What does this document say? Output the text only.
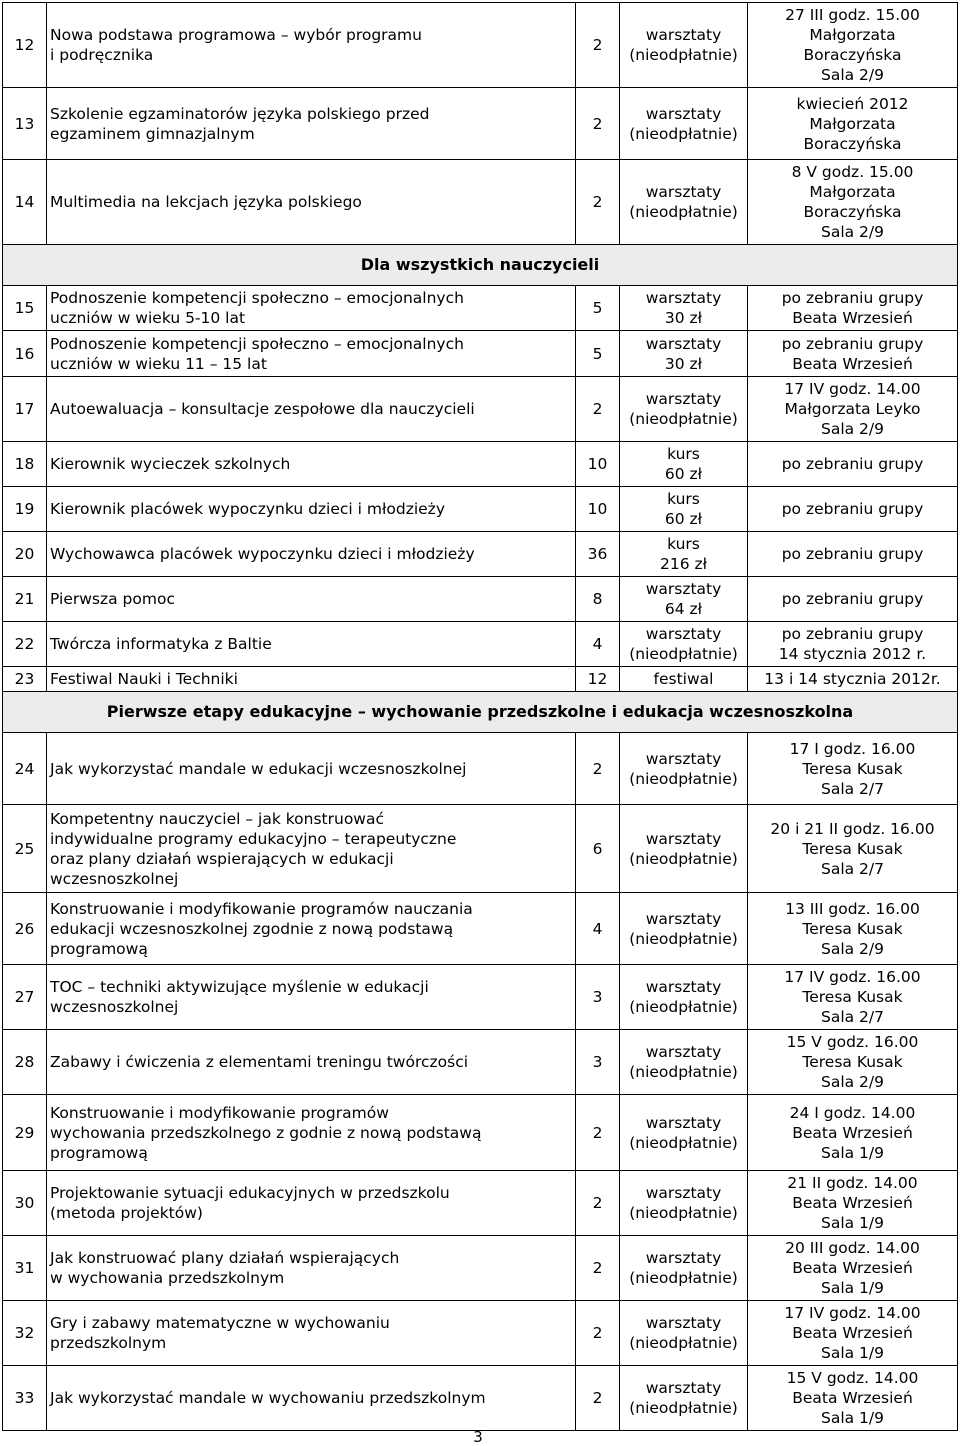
12	Nowa podstawa programowa – wybór programu
i podręcznika	2	warsztaty
(nieodpłatnie)	27 III godz. 15.00
Małgorzata
Boraczyńska
Sala 2/9

13	Szkolenie egzaminatorów języka polskiego przed
egzaminem gimnazjalnym	2	warsztaty
(nieodpłatnie)	kwiecień 2012
Małgorzata
Boraczyńska

14	Multimedia na lekcjach języka polskiego	2	warsztaty
(nieodpłatnie)	8 V godz. 15.00
Małgorzata
Boraczyńska
Sala 2/9

Dla wszystkich nauczycieli				
15	Podnoszenie kompetencji społeczno – emocjonalnych
uczniów w wieku 5-10 lat	5	warsztaty
30 zł	po zebraniu grupy
Beata Wrzesień

16	Podnoszenie kompetencji społeczno – emocjonalnych
uczniów w wieku 11 – 15 lat	5	warsztaty
30 zł	po zebraniu grupy
Beata Wrzesień

17	Autoewaluacja – konsultacje zespołowe dla nauczycieli	2	warsztaty
(nieodpłatnie)	17 IV godz. 14.00
Małgorzata Leyko
Sala 2/9

18	Kierownik wycieczek szkolnych	10	kurs
60 zł	po zebraniu grupy

19	Kierownik placówek wypoczynku dzieci i młodzieży	10	kurs
60 zł	po zebraniu grupy

20	Wychowawca placówek wypoczynku dzieci i młodzieży	36	kurs
216 zł	po zebraniu grupy

21	Pierwsza pomoc	8	warsztaty
64 zł	po zebraniu grupy

22	Twórcza informatyka z Baltie	4	warsztaty
(nieodpłatnie)	po zebraniu grupy
14 stycznia 2012 r.

23	Festiwal Nauki i Techniki	12	festiwal	13 i 14 stycznia 2012r.

Pierwsze etapy edukacyjne – wychowanie przedszkolne i edukacja wczesnoszkolna				
24	Jak wykorzystać mandale w edukacji wczesnoszkolnej	2	warsztaty
(nieodpłatnie)	17 I godz. 16.00
Teresa Kusak
Sala 2/7

25	Kompetentny nauczyciel – jak konstruować
indywidualne programy edukacyjno – terapeutyczne
oraz plany działań wspierających w edukacji
wczesnoszkolnej	6	warsztaty
(nieodpłatnie)	20 i 21 II godz. 16.00
Teresa Kusak
Sala 2/7

26	Konstruowanie i modyfikowanie programów nauczania
edukacji wczesnoszkolnej zgodnie z nową podstawą
programową	4	warsztaty
(nieodpłatnie)	13 III godz. 16.00
Teresa Kusak
Sala 2/9

27	TOC – techniki aktywizujące myślenie w edukacji
wczesnoszkolnej	3	warsztaty
(nieodpłatnie)	17 IV godz. 16.00
Teresa Kusak
Sala 2/7

28	Zabawy i ćwiczenia z elementami treningu twórczości	3	warsztaty
(nieodpłatnie)	15 V godz. 16.00
Teresa Kusak
Sala 2/9

29	Konstruowanie i modyfikowanie programów
wychowania przedszkolnego z godnie z nową podstawą
programową	2	warsztaty
(nieodpłatnie)	24 I godz. 14.00
Beata Wrzesień
Sala 1/9

30	Projektowanie sytuacji edukacyjnych w przedszkolu
(metoda projektów)	2	warsztaty
(nieodpłatnie)	21 II godz. 14.00
Beata Wrzesień
Sala 1/9

31	Jak konstruować plany działań wspierających
w wychowania przedszkolnym	2	warsztaty
(nieodpłatnie)	20 III godz. 14.00
Beata Wrzesień
Sala 1/9

32	Gry i zabawy matematyczne w wychowaniu
przedszkolnym	2	warsztaty
(nieodpłatnie)	17 IV godz. 14.00
Beata Wrzesień
Sala 1/9

33	Jak wykorzystać mandale w wychowaniu przedszkolnym	2	warsztaty
(nieodpłatnie)	15 V godz. 14.00
Beata Wrzesień
Sala 1/9
3
